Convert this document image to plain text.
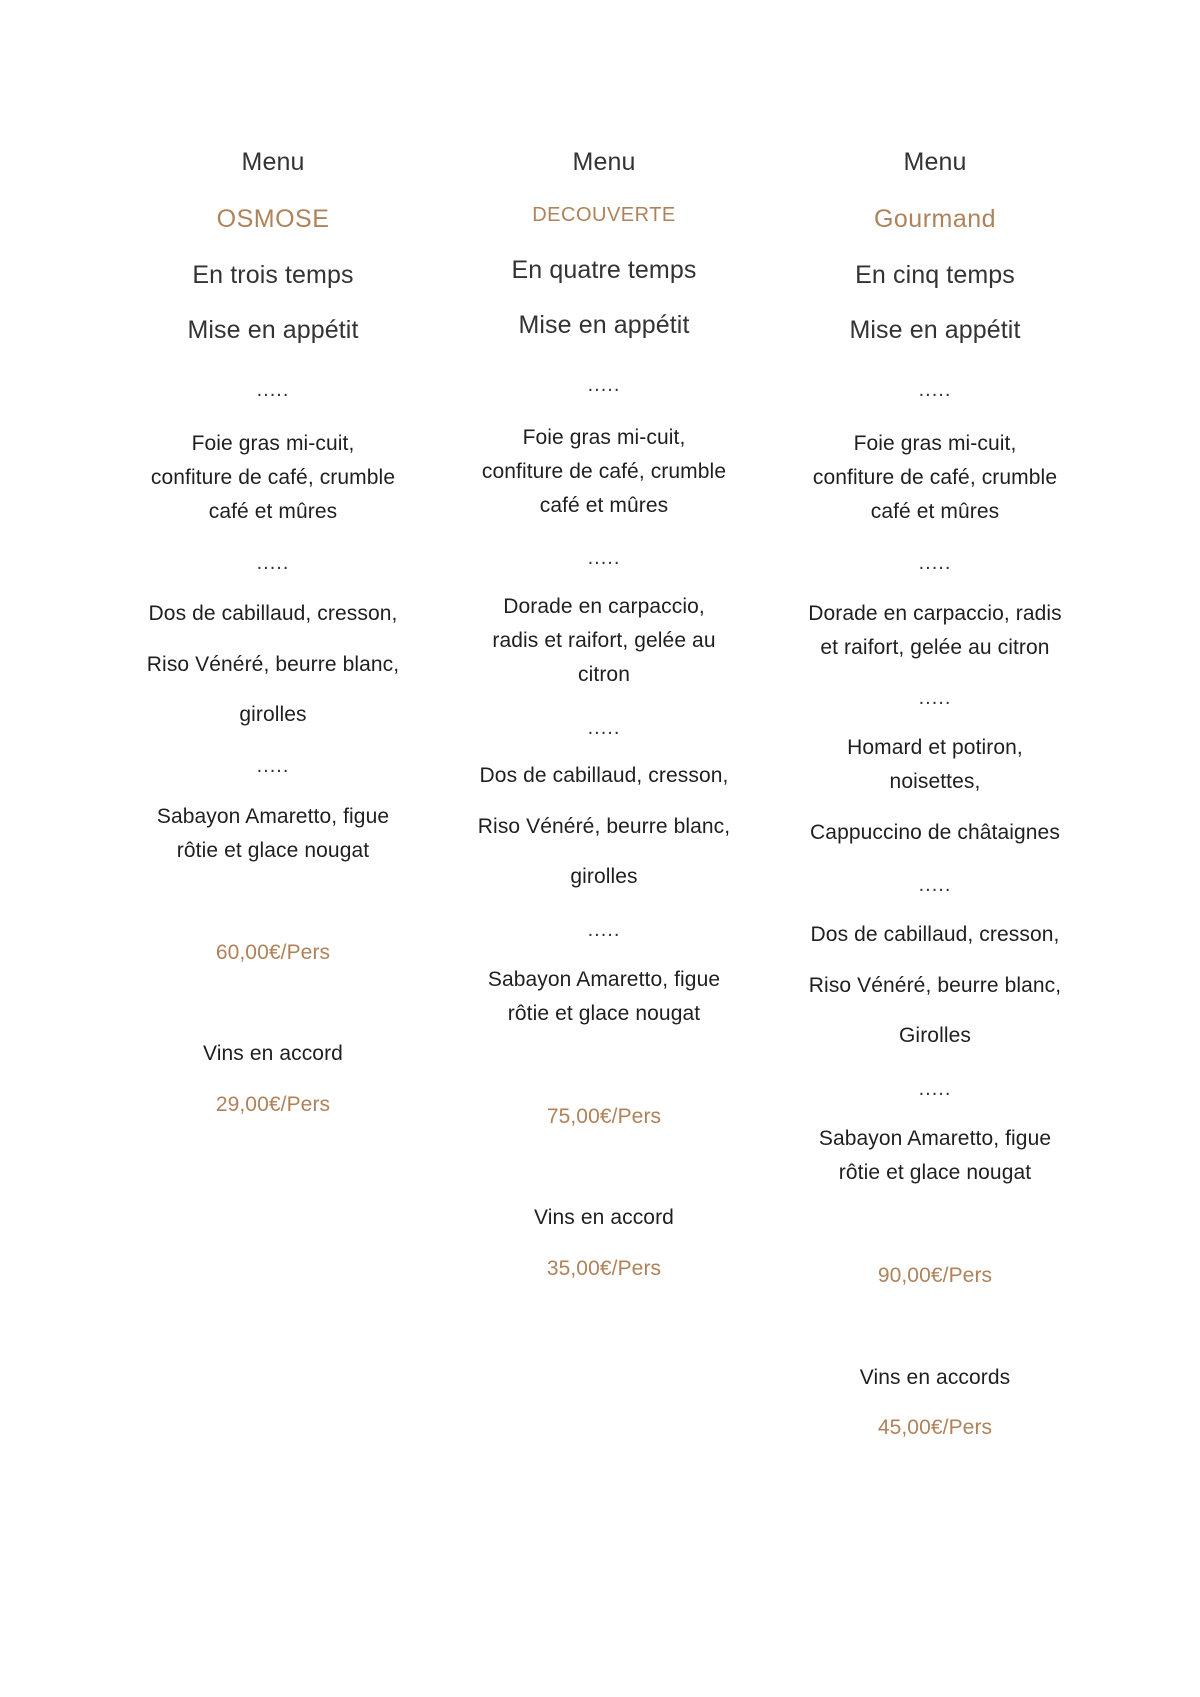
Menu
OSMOSE
En trois temps
Mise en appétit
.....
Foie gras mi-cuit,
confiture de café, crumble
café et mûres
.....
Dos de cabillaud, cresson,
Riso Vénéré, beurre blanc,
girolles
.....
Sabayon Amaretto, figue
rôtie et glace nougat
60,00€/Pers
Vins en accord
29,00€/Pers
Menu
DECOUVERTE
En quatre temps
Mise en appétit
.....
Foie gras mi-cuit,
confiture de café, crumble
café et mûres
.....
Dorade en carpaccio,
radis et raifort, gelée au
citron
.....
Dos de cabillaud, cresson,
Riso Vénéré, beurre blanc,
girolles
.....
Sabayon Amaretto, figue
rôtie et glace nougat
75,00€/Pers
Vins en accord
35,00€/Pers
Menu
Gourmand
En cinq temps
Mise en appétit
.....
Foie gras mi-cuit,
confiture de café, crumble
café et mûres
.....
Dorade en carpaccio, radis
et raifort, gelée au citron
.....
Homard et potiron,
noisettes,
Cappuccino de châtaignes
.....
Dos de cabillaud, cresson,
Riso Vénéré, beurre blanc,
Girolles
.....
Sabayon Amaretto, figue
rôtie et glace nougat
90,00€/Pers
Vins en accords
45,00€/Pers
